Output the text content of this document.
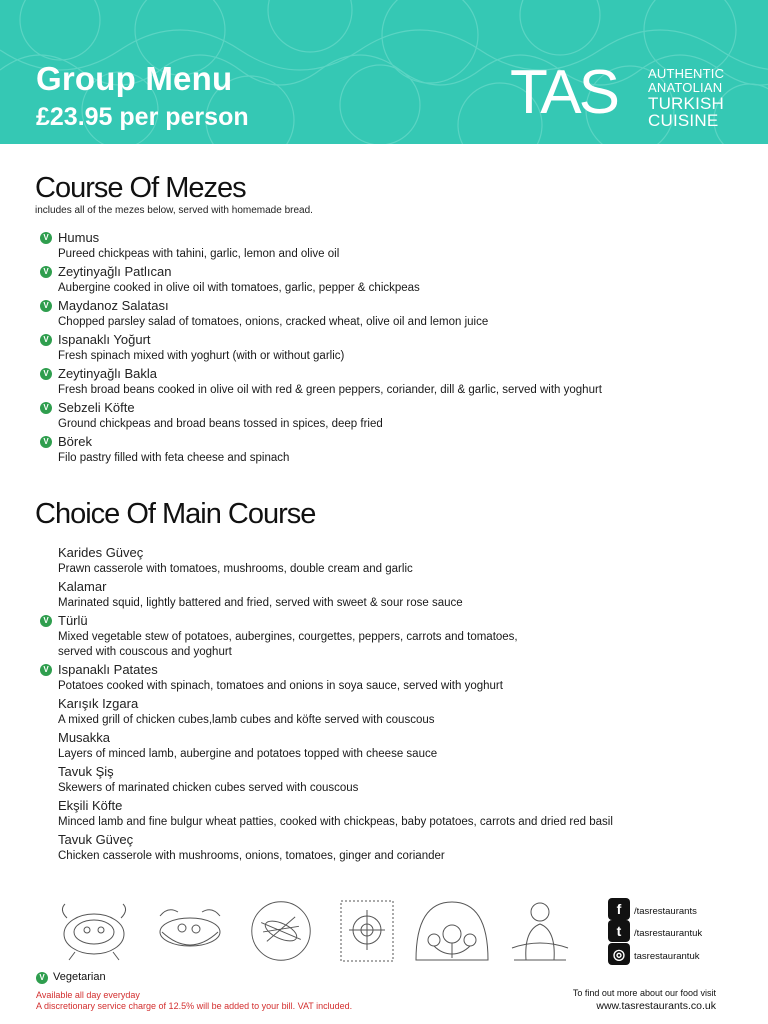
Group Menu
£23.95 per person	TAS AUTHENTIC
ANATOLIAN
TURKISH
CUISINE
Course Of Mezes
includes all of the mezes below, served with homemade bread.
V Humus
Pureed chickpeas with tahini, garlic, lemon and olive oil
V Zeytinyağlı Patlıcan
Aubergine cooked in olive oil with tomatoes, garlic, pepper & chickpeas
V Maydanoz Salatası
Chopped parsley salad of tomatoes, onions, cracked wheat, olive oil and lemon juice
V Ispanaklı Yoğurt
Fresh spinach mixed with yoghurt (with or without garlic)
V Zeytinyağlı Bakla
Fresh broad beans cooked in olive oil with red & green peppers, coriander, dill & garlic, served with yoghurt
V Sebzeli Köfte
Ground chickpeas and broad beans tossed in spices, deep fried
V Börek
Filo pastry filled with feta cheese and spinach
Choice Of Main Course
Karides Güveç
Prawn casserole with tomatoes, mushrooms, double cream and garlic
Kalamar
Marinated squid, lightly battered and fried, served with sweet & sour rose sauce
V Türlü
Mixed vegetable stew of potatoes, aubergines, courgettes, peppers, carrots and tomatoes,
served with couscous and yoghurt
V Ispanaklı Patates
Potatoes cooked with spinach, tomatoes and onions in soya sauce, served with yoghurt
Karışık Izgara
A mixed grill of chicken cubes,lamb cubes and köfte served with couscous
Musakka
Layers of minced lamb, aubergine and potatoes topped with cheese sauce
Tavuk Şiş
Skewers of marinated chicken cubes served with couscous
Ekşili Köfte
Minced lamb and fine bulgur wheat patties, cooked with chickpeas, baby potatoes, carrots and dried red basil
Tavuk Güveç
Chicken casserole with mushrooms, onions, tomatoes, ginger and coriander
f	/tasrestaurants
t	/tasrestaurantuk
◎ tasrestaurantuk
V Vegetarian
Available all day everyday
A discretionary service charge of 12.5% will be added to your bill. VAT included.
To find out more about our food visit
www.tasrestaurants.co.uk
